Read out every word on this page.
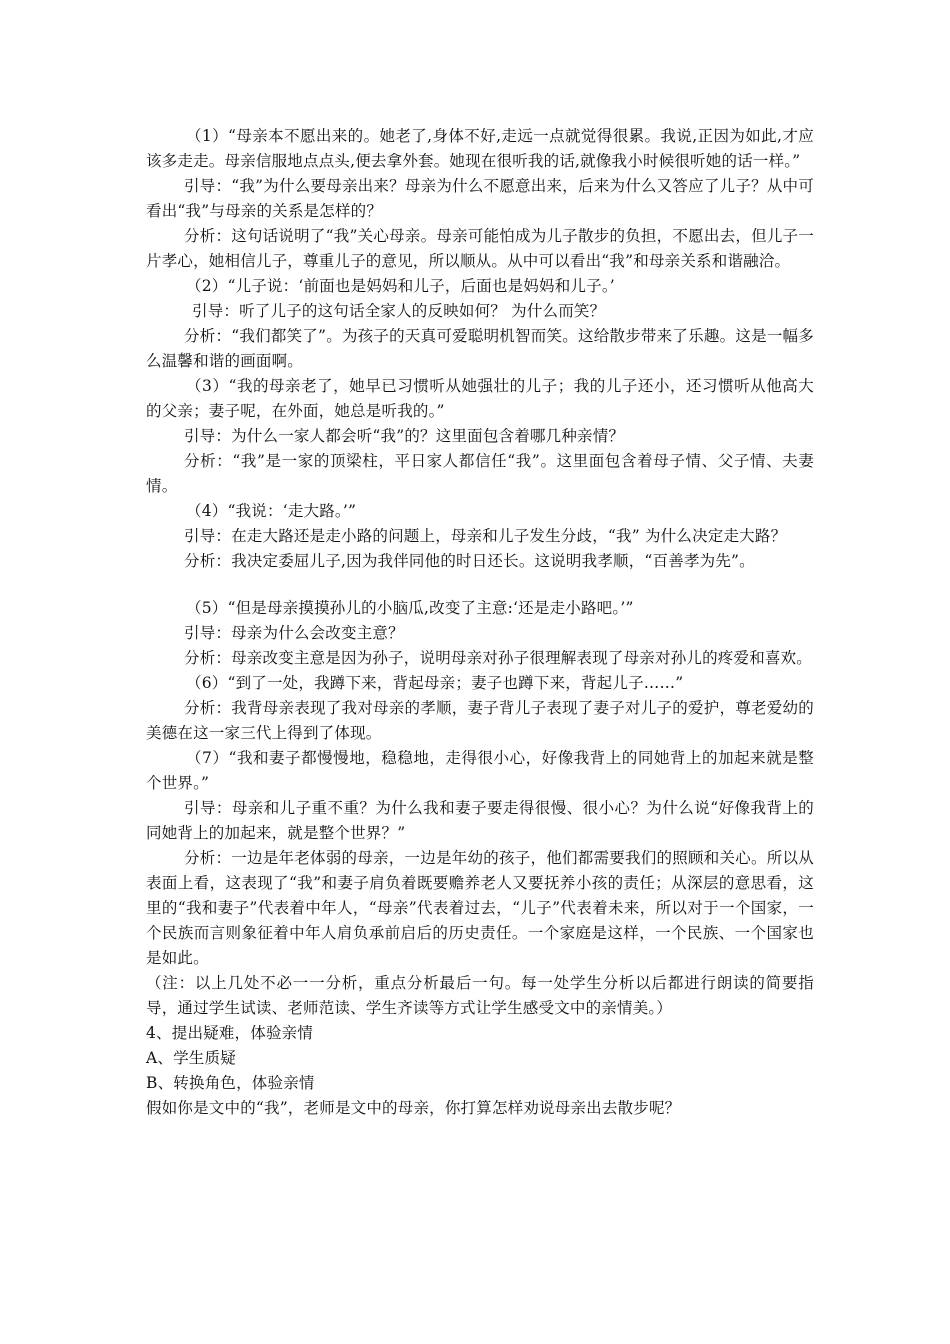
（1）“母亲本不愿出来的。她老了,身体不好,走远一点就觉得很累。我说,正因为如此,才应该多走走。母亲信服地点点头,便去拿外套。她现在很听我的话,就像我小时候很听她的话一样。”

引导：“我”为什么要母亲出来？母亲为什么不愿意出来，后来为什么又答应了儿子？从中可看出“我”与母亲的关系是怎样的？

分析：这句话说明了“我”关心母亲。母亲可能怕成为儿子散步的负担，不愿出去，但儿子一片孝心，她相信儿子，尊重儿子的意见，所以顺从。从中可以看出“我”和母亲关系和谐融洽。

（2）“儿子说：‘前面也是妈妈和儿子，后面也是妈妈和儿子。’

引导：听了儿子的这句话全家人的反映如何？ 为什么而笑？

分析：“我们都笑了”。为孩子的天真可爱聪明机智而笑。这给散步带来了乐趣。这是一幅多么温馨和谐的画面啊。

（3）“我的母亲老了，她早已习惯听从她强壮的儿子；我的儿子还小，还习惯听从他高大的父亲；妻子呢，在外面，她总是听我的。”

引导：为什么一家人都会听“我”的？这里面包含着哪几种亲情？

分析：“我”是一家的顶梁柱，平日家人都信任“我”。这里面包含着母子情、父子情、夫妻情。

（4）“我说：‘走大路。’”

引导：在走大路还是走小路的问题上，母亲和儿子发生分歧，“我” 为什么决定走大路？

分析：我决定委屈儿子,因为我伴同他的时日还长。这说明我孝顺，“百善孝为先”。

（5）“但是母亲摸摸孙儿的小脑瓜,改变了主意:‘还是走小路吧。’”

引导：母亲为什么会改变主意？

分析：母亲改变主意是因为孙子，说明母亲对孙子很理解表现了母亲对孙儿的疼爱和喜欢。

（6）“到了一处，我蹲下来，背起母亲；妻子也蹲下来，背起儿子……”

分析：我背母亲表现了我对母亲的孝顺，妻子背儿子表现了妻子对儿子的爱护，尊老爱幼的美德在这一家三代上得到了体现。

（7）“我和妻子都慢慢地，稳稳地，走得很小心，好像我背上的同她背上的加起来就是整个世界。”

引导：母亲和儿子重不重？为什么我和妻子要走得很慢、很小心？为什么说“好像我背上的同她背上的加起来，就是整个世界？”

分析：一边是年老体弱的母亲，一边是年幼的孩子，他们都需要我们的照顾和关心。所以从表面上看，这表现了“我”和妻子肩负着既要赡养老人又要抚养小孩的责任；从深层的意思看，这里的“我和妻子”代表着中年人，“母亲”代表着过去，“儿子”代表着未来，所以对于一个国家，一个民族而言则象征着中年人肩负承前启后的历史责任。一个家庭是这样，一个民族、一个国家也是如此。

（注：以上几处不必一一分析，重点分析最后一句。每一处学生分析以后都进行朗读的简要指导，通过学生试读、老师范读、学生齐读等方式让学生感受文中的亲情美。）

4、提出疑难，体验亲情

A、学生质疑

B、转换角色，体验亲情

假如你是文中的“我”，老师是文中的母亲，你打算怎样劝说母亲出去散步呢？
